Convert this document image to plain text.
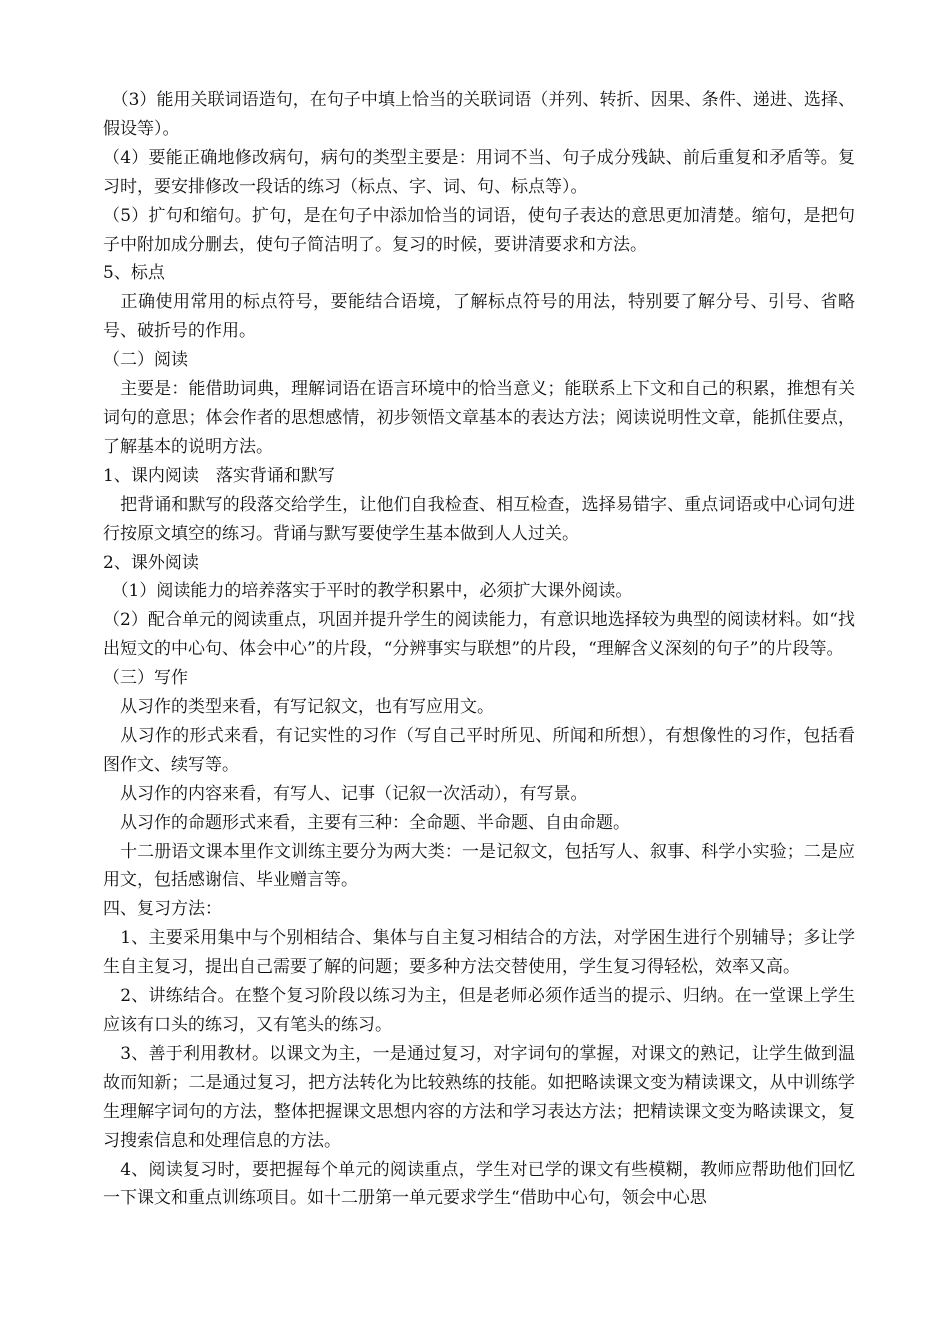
　（3）能用关联词语造句，在句子中填上恰当的关联词语（并列、转折、因果、条件、递进、选择、假设等）。

（4）要能正确地修改病句，病句的类型主要是：用词不当、句子成分残缺、前后重复和矛盾等。复习时，要安排修改一段话的练习（标点、字、词、句、标点等）。

（5）扩句和缩句。扩句，是在句子中添加恰当的词语，使句子表达的意思更加清楚。缩句，是把句子中附加成分删去，使句子简洁明了。复习的时候，要讲清要求和方法。

5、标点

　正确使用常用的标点符号，要能结合语境，了解标点符号的用法，特别要了解分号、引号、省略号、破折号的作用。

（二）阅读

　主要是：能借助词典，理解词语在语言环境中的恰当意义；能联系上下文和自己的积累，推想有关词句的意思；体会作者的思想感情，初步领悟文章基本的表达方法；阅读说明性文章，能抓住要点，了解基本的说明方法。

1、课内阅读　落实背诵和默写

　把背诵和默写的段落交给学生，让他们自我检查、相互检查，选择易错字、重点词语或中心词句进行按原文填空的练习。背诵与默写要使学生基本做到人人过关。

2、课外阅读

　（1）阅读能力的培养落实于平时的教学积累中，必须扩大课外阅读。

（2）配合单元的阅读重点，巩固并提升学生的阅读能力，有意识地选择较为典型的阅读材料。如“找出短文的中心句、体会中心”的片段，“分辨事实与联想”的片段，“理解含义深刻的句子”的片段等。

（三）写作

　从习作的类型来看，有写记叙文，也有写应用文。

　从习作的形式来看，有记实性的习作（写自己平时所见、所闻和所想），有想像性的习作，包括看图作文、续写等。

　从习作的内容来看，有写人、记事（记叙一次活动），有写景。

　从习作的命题形式来看，主要有三种：全命题、半命题、自由命题。

　十二册语文课本里作文训练主要分为两大类：一是记叙文，包括写人、叙事、科学小实验；二是应用文，包括感谢信、毕业赠言等。

四、复习方法：

　1、主要采用集中与个别相结合、集体与自主复习相结合的方法，对学困生进行个别辅导；多让学生自主复习，提出自己需要了解的问题；要多种方法交替使用，学生复习得轻松，效率又高。

　2、讲练结合。在整个复习阶段以练习为主，但是老师必须作适当的提示、归纳。在一堂课上学生应该有口头的练习，又有笔头的练习。

　3、善于利用教材。以课文为主，一是通过复习，对字词句的掌握，对课文的熟记，让学生做到温故而知新；二是通过复习，把方法转化为比较熟练的技能。如把略读课文变为精读课文，从中训练学生理解字词句的方法，整体把握课文思想内容的方法和学习表达方法；把精读课文变为略读课文，复习搜索信息和处理信息的方法。

　4、阅读复习时，要把握每个单元的阅读重点，学生对已学的课文有些模糊，教师应帮助他们回忆一下课文和重点训练项目。如十二册第一单元要求学生“借助中心句，领会中心思
